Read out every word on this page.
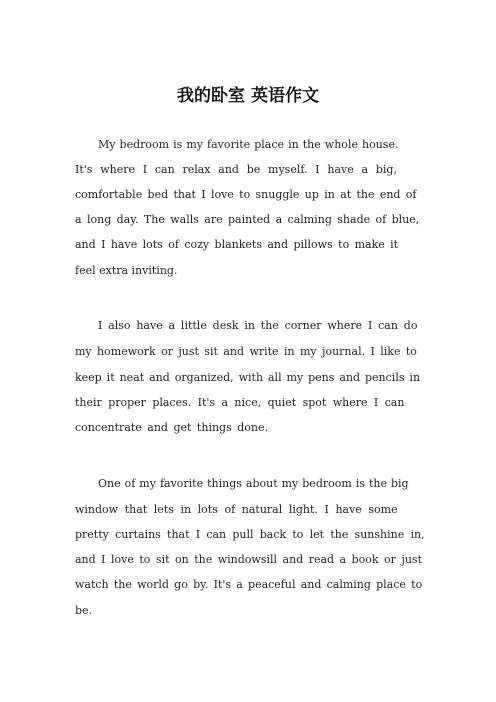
我的卧室 英语作文
My bedroom is my favorite place in the whole house.
It's where I can relax and be myself. I have a big,
comfortable bed that I love to snuggle up in at the end of
a long day. The walls are painted a calming shade of blue,
and I have lots of cozy blankets and pillows to make it
feel extra inviting.
I also have a little desk in the corner where I can do
my homework or just sit and write in my journal. I like to
keep it neat and organized, with all my pens and pencils in
their proper places. It's a nice, quiet spot where I can
concentrate and get things done.
One of my favorite things about my bedroom is the big
window that lets in lots of natural light. I have some
pretty curtains that I can pull back to let the sunshine in,
and I love to sit on the windowsill and read a book or just
watch the world go by. It's a peaceful and calming place to
be.
